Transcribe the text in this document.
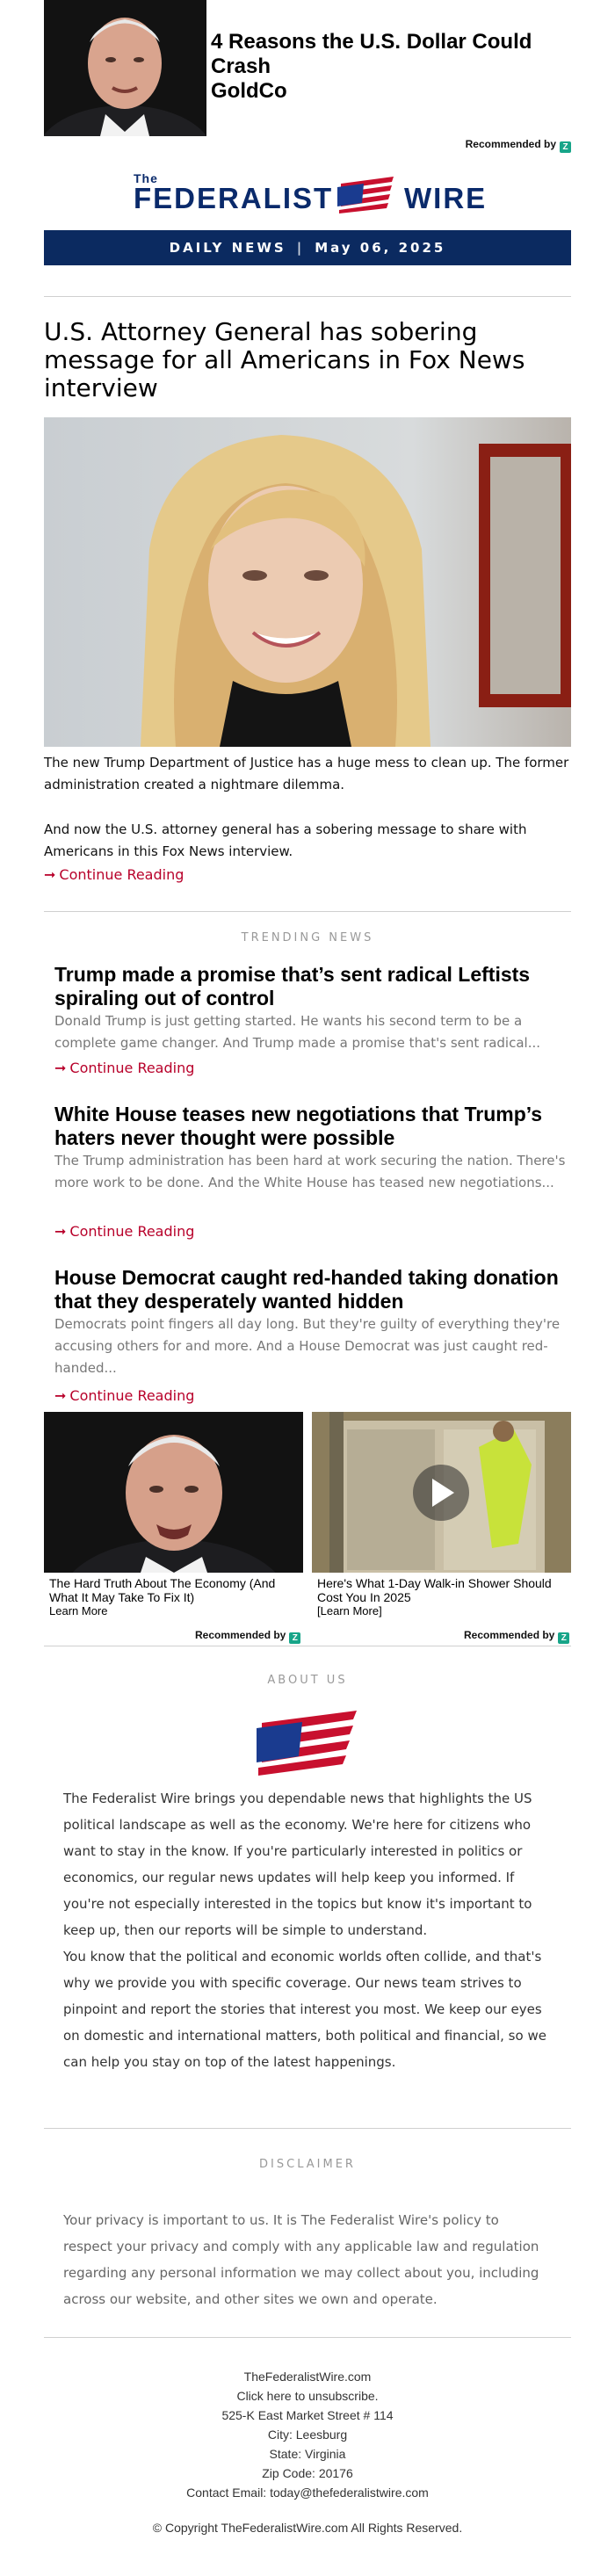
4 Reasons the U.S. Dollar Could
Crash
GoldCo
Recommended by Z
The
FEDERALIST WIRE
DAILY NEWS | May 06, 2025
U.S. Attorney General has sobering message for all Americans in Fox News interview
The new Trump Department of Justice has a huge mess to clean up. The former administration created a nightmare dilemma.
And now the U.S. attorney general has a sobering message to share with Americans in this Fox News interview.
➞ Continue Reading
TRENDING NEWS
Trump made a promise that’s sent radical Leftists spiraling out of control
Donald Trump is just getting started. He wants his second term to be a complete game changer. And Trump made a promise that's sent radical...
➞ Continue Reading
White House teases new negotiations that Trump’s haters never thought were possible
The Trump administration has been hard at work securing the nation. There's more work to be done. And the White House has teased new negotiations...
➞ Continue Reading
House Democrat caught red-handed taking donation that they desperately wanted hidden
Democrats point fingers all day long. But they're guilty of everything they're accusing others for and more. And a House Democrat was just caught red-handed...
➞ Continue Reading
The Hard Truth About The Economy (And What It May Take To Fix It)
Learn More
Here's What 1-Day Walk-in Shower Should Cost You In 2025
[Learn More]
Recommended by Z	Recommended by Z
ABOUT US
The Federalist Wire brings you dependable news that highlights the US political landscape as well as the economy. We're here for citizens who want to stay in the know. If you're particularly interested in politics or economics, our regular news updates will help keep you informed. If you're not especially interested in the topics but know it's important to keep up, then our reports will be simple to understand.
You know that the political and economic worlds often collide, and that's why we provide you with specific coverage. Our news team strives to pinpoint and report the stories that interest you most. We keep our eyes on domestic and international matters, both political and financial, so we can help you stay on top of the latest happenings.
DISCLAIMER
Your privacy is important to us. It is The Federalist Wire's policy to respect your privacy and comply with any applicable law and regulation regarding any personal information we may collect about you, including across our website, and other sites we own and operate.
TheFederalistWire.com
Click here to unsubscribe.
525-K East Market Street # 114
City: Leesburg
State: Virginia
Zip Code: 20176
Contact Email: today@thefederalistwire.com
© Copyright TheFederalistWire.com All Rights Reserved.
